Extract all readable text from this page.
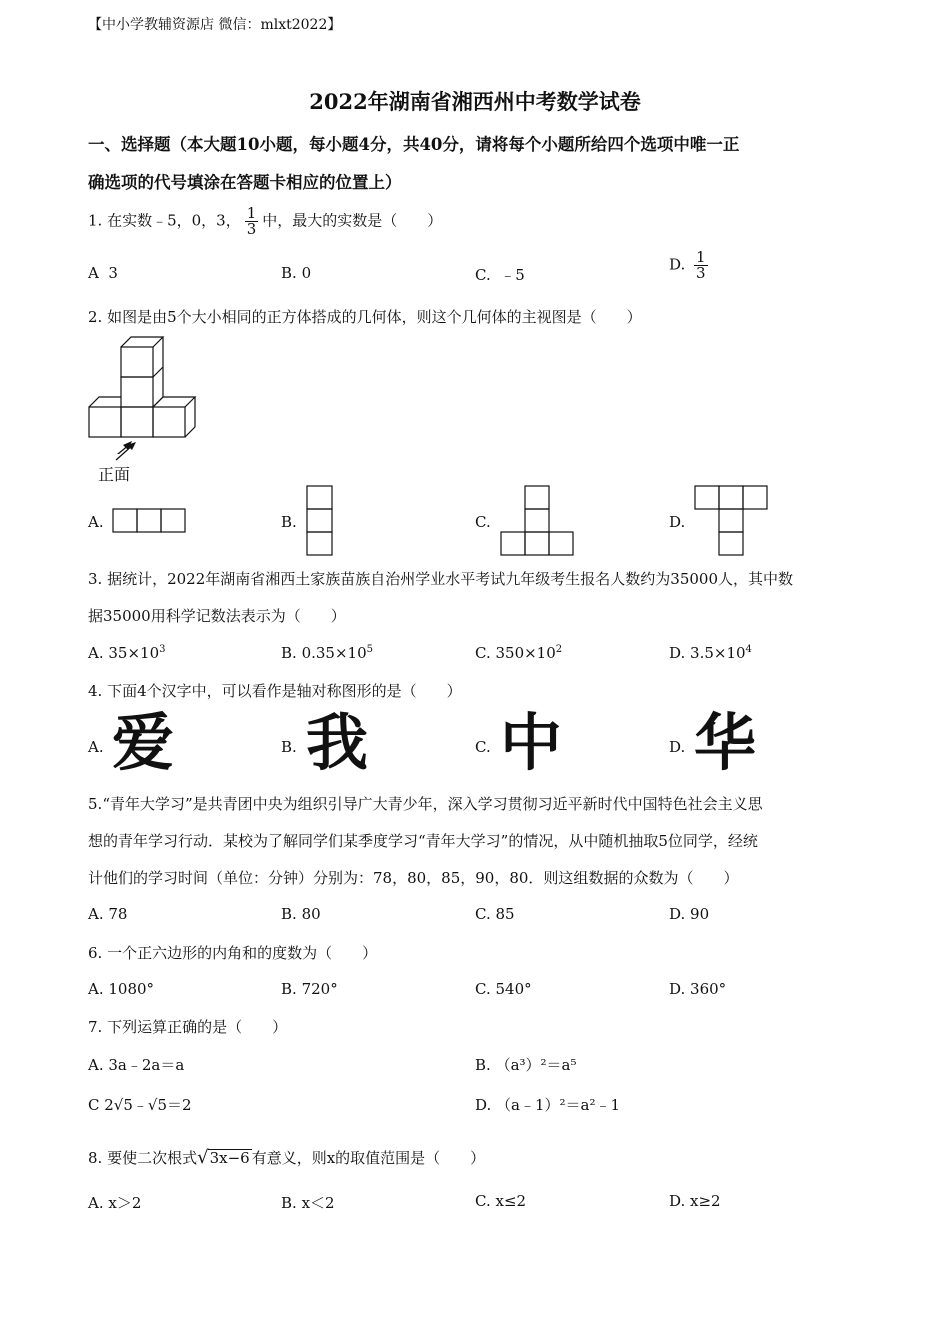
【中小学教辅资源店 微信：mlxt2022】
2022年湖南省湘西州中考数学试卷
一、选择题（本大题10小题，每小题4分，共40分，请将每个小题所给四个选项中唯一正
确选项的代号填涂在答题卡相应的位置上）
1. 在实数﹣5，0，3， $\frac{1}{3}$ 中，最大的实数是（　　）
A 3	B. 0	C.  ﹣5
D. $\frac{1}{3}$
2. 如图是由5个大小相同的正方体搭成的几何体，则这个几何体的主视图是（　　）
正面
A.	B.	C.	D.
3. 据统计，2022年湖南省湘西土家族苗族自治州学业水平考试九年级考生报名人数约为35000人，其中数
据35000用科学记数法表示为（　　）
A. $35\times 10^3$	B. $0.35\times 10^5$	C. $350\times 10^2$	D. $3.5\times 10^4$
4. 下面4个汉字中，可以看作是轴对称图形的是（　　）
A. 爱	B. 我	C. 中	D. 华
5.“青年大学习”是共青团中央为组织引导广大青少年，深入学习贯彻习近平新时代中国特色社会主义思
想的青年学习行动．某校为了解同学们某季度学习“青年大学习”的情况，从中随机抽取5位同学，经统
计他们的学习时间（单位：分钟）分别为：78，80，85，90，80．则这组数据的众数为（　　）
A. 78	B. 80	C. 85	D. 90
6. 一个正六边形的内角和的度数为（　　）
A. 1080°	B. 720°	C. 540°	D. 360°
7. 下列运算正确的是（　　）
A. 3a﹣2a＝a	B. （a³）²＝a⁵
C 2√5﹣√5＝2	D. （a﹣1）²＝a²﹣1
8. 要使二次根式√3x−6 有意义，则x的取值范围是（　　）
A. x＞2	B. x＜2	C. x≤2	D. x≥2
